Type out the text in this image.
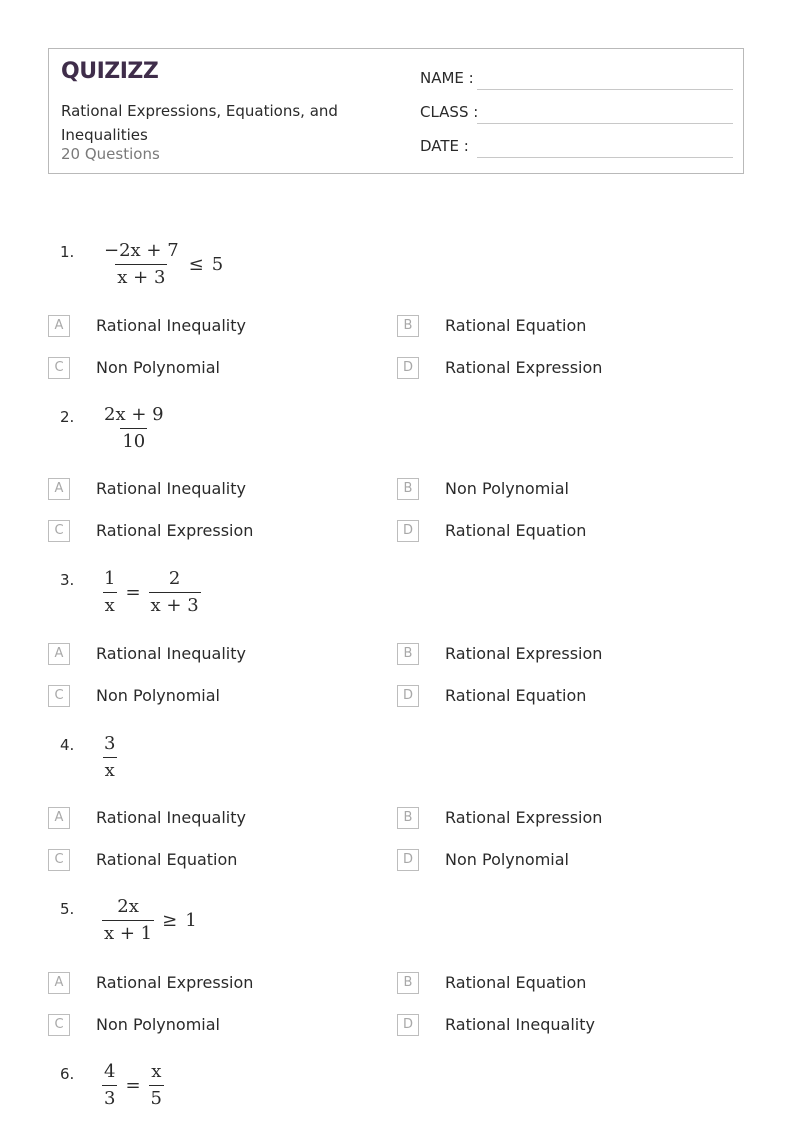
QUIZIZZ
Rational Expressions, Equations, and Inequalities
20 Questions
NAME :
CLASS :
DATE :
1. $\frac{-2x + 7}{x + 3} \le 5$
A	Rational Inequality	B	Rational Equation
C	Non Polynomial	D	Rational Expression
2. $\frac{2x + 9}{10}$
A	Rational Inequality	B	Non Polynomial
C	Rational Expression	D	Rational Equation
3. $\frac{1}{x} = \frac{2}{x + 3}$
A	Rational Inequality	B	Rational Expression
C	Non Polynomial	D	Rational Equation
4. $\frac{3}{x}$
A	Rational Inequality	B	Rational Expression
C	Rational Equation	D	Non Polynomial
5. $\frac{2x}{x + 1} \ge 1$
A	Rational Expression	B	Rational Equation
C	Non Polynomial	D	Rational Inequality
6. $\frac{4}{3} = \frac{x}{5}$
